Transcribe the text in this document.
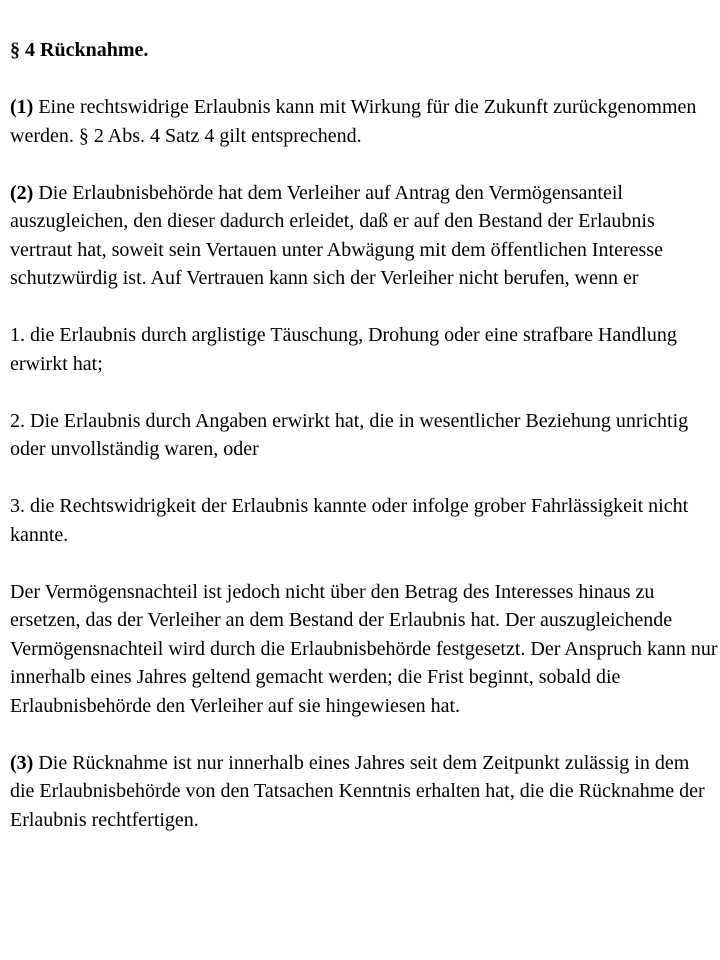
§ 4 Rücknahme.
(1) Eine rechtswidrige Erlaubnis kann mit Wirkung für die Zukunft zurückgenommen werden. § 2 Abs. 4 Satz 4 gilt entsprechend.
(2) Die Erlaubnisbehörde hat dem Verleiher auf Antrag den Vermögensanteil auszugleichen, den dieser dadurch erleidet, daß er auf den Bestand der Erlaubnis vertraut hat, soweit sein Vertauen unter Abwägung mit dem öffentlichen Interesse schutzwürdig ist. Auf Vertrauen kann sich der Verleiher nicht berufen, wenn er
1. die Erlaubnis durch arglistige Täuschung, Drohung oder eine strafbare Handlung erwirkt hat;
2. Die Erlaubnis durch Angaben erwirkt hat, die in wesentlicher Beziehung unrichtig oder unvollständig waren, oder
3. die Rechtswidrigkeit der Erlaubnis kannte oder infolge grober Fahrlässigkeit nicht kannte.
Der Vermögensnachteil ist jedoch nicht über den Betrag des Interesses hinaus zu ersetzen, das der Verleiher an dem Bestand der Erlaubnis hat. Der auszugleichende Vermögensnachteil wird durch die Erlaubnisbehörde festgesetzt. Der Anspruch kann nur innerhalb eines Jahres geltend gemacht werden; die Frist beginnt, sobald die Erlaubnisbehörde den Verleiher auf sie hingewiesen hat.
(3) Die Rücknahme ist nur innerhalb eines Jahres seit dem Zeitpunkt zulässig in dem die Erlaubnisbehörde von den Tatsachen Kenntnis erhalten hat, die die Rücknahme der Erlaubnis rechtfertigen.
